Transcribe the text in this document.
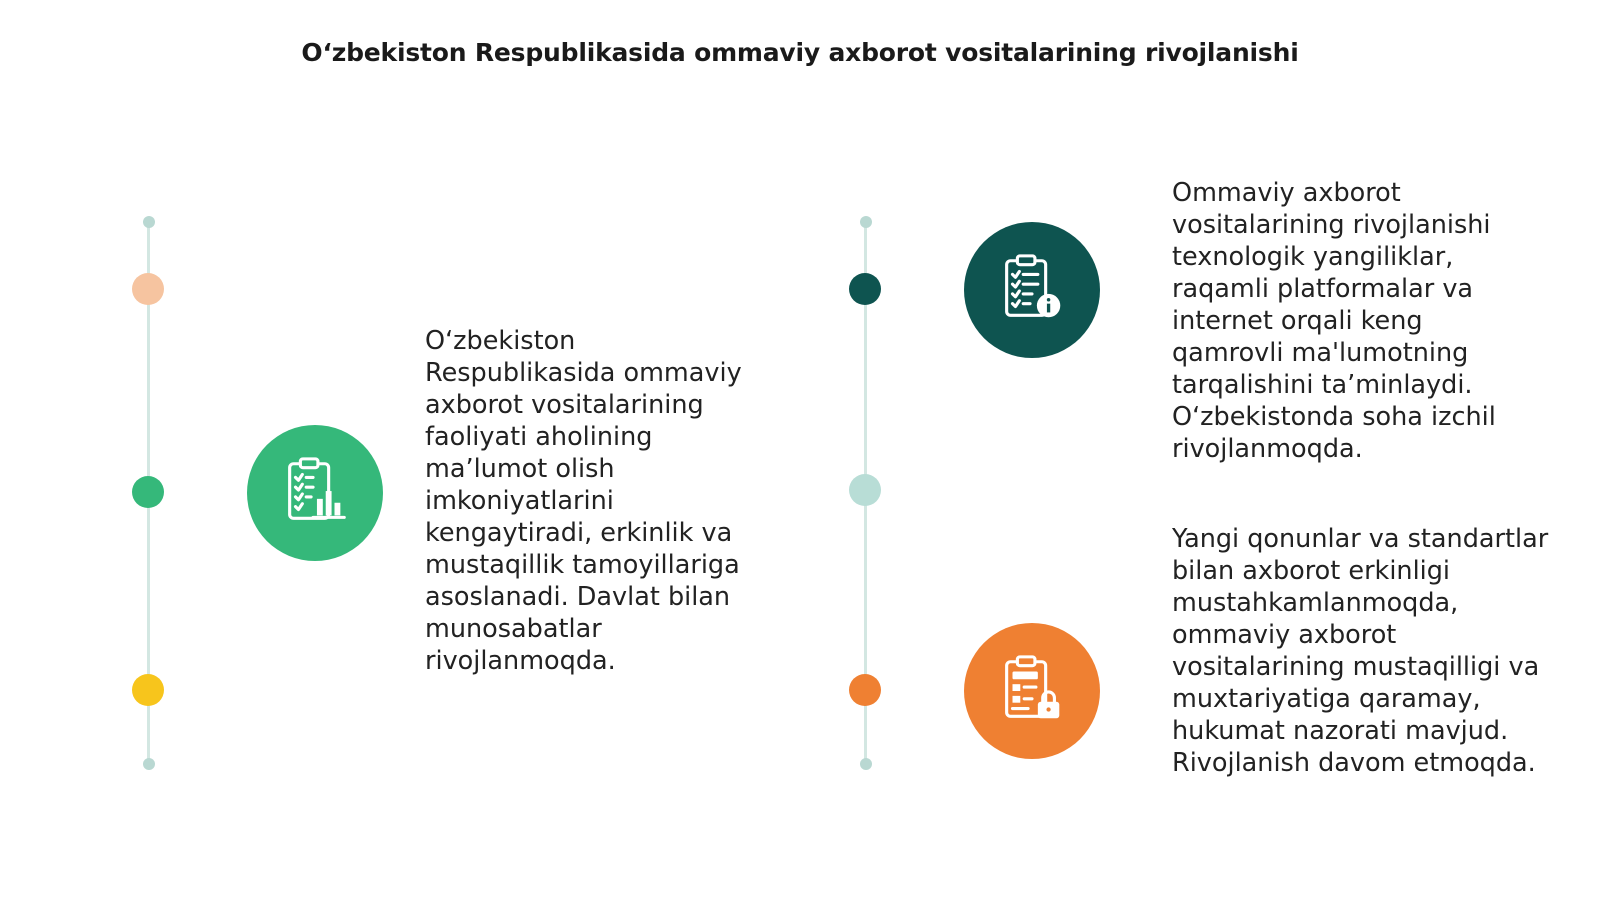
O‘zbekiston Respublikasida ommaviy axborot vositalarining rivojlanishi
O‘zbekiston Respublikasida ommaviy axborot vositalarining faoliyati aholining ma’lumot olish imkoniyatlarini kengaytiradi, erkinlik va mustaqillik tamoyillariga asoslanadi. Davlat bilan munosabatlar rivojlanmoqda.
Ommaviy axborot vositalarining rivojlanishi texnologik yangiliklar, raqamli platformalar va internet orqali keng qamrovli ma'lumotning tarqalishini ta’minlaydi. O‘zbekistonda soha izchil rivojlanmoqda.
Yangi qonunlar va standartlar bilan axborot erkinligi mustahkamlanmoqda, ommaviy axborot vositalarining mustaqilligi va muxtariyatiga qaramay, hukumat nazorati mavjud. Rivojlanish davom etmoqda.
